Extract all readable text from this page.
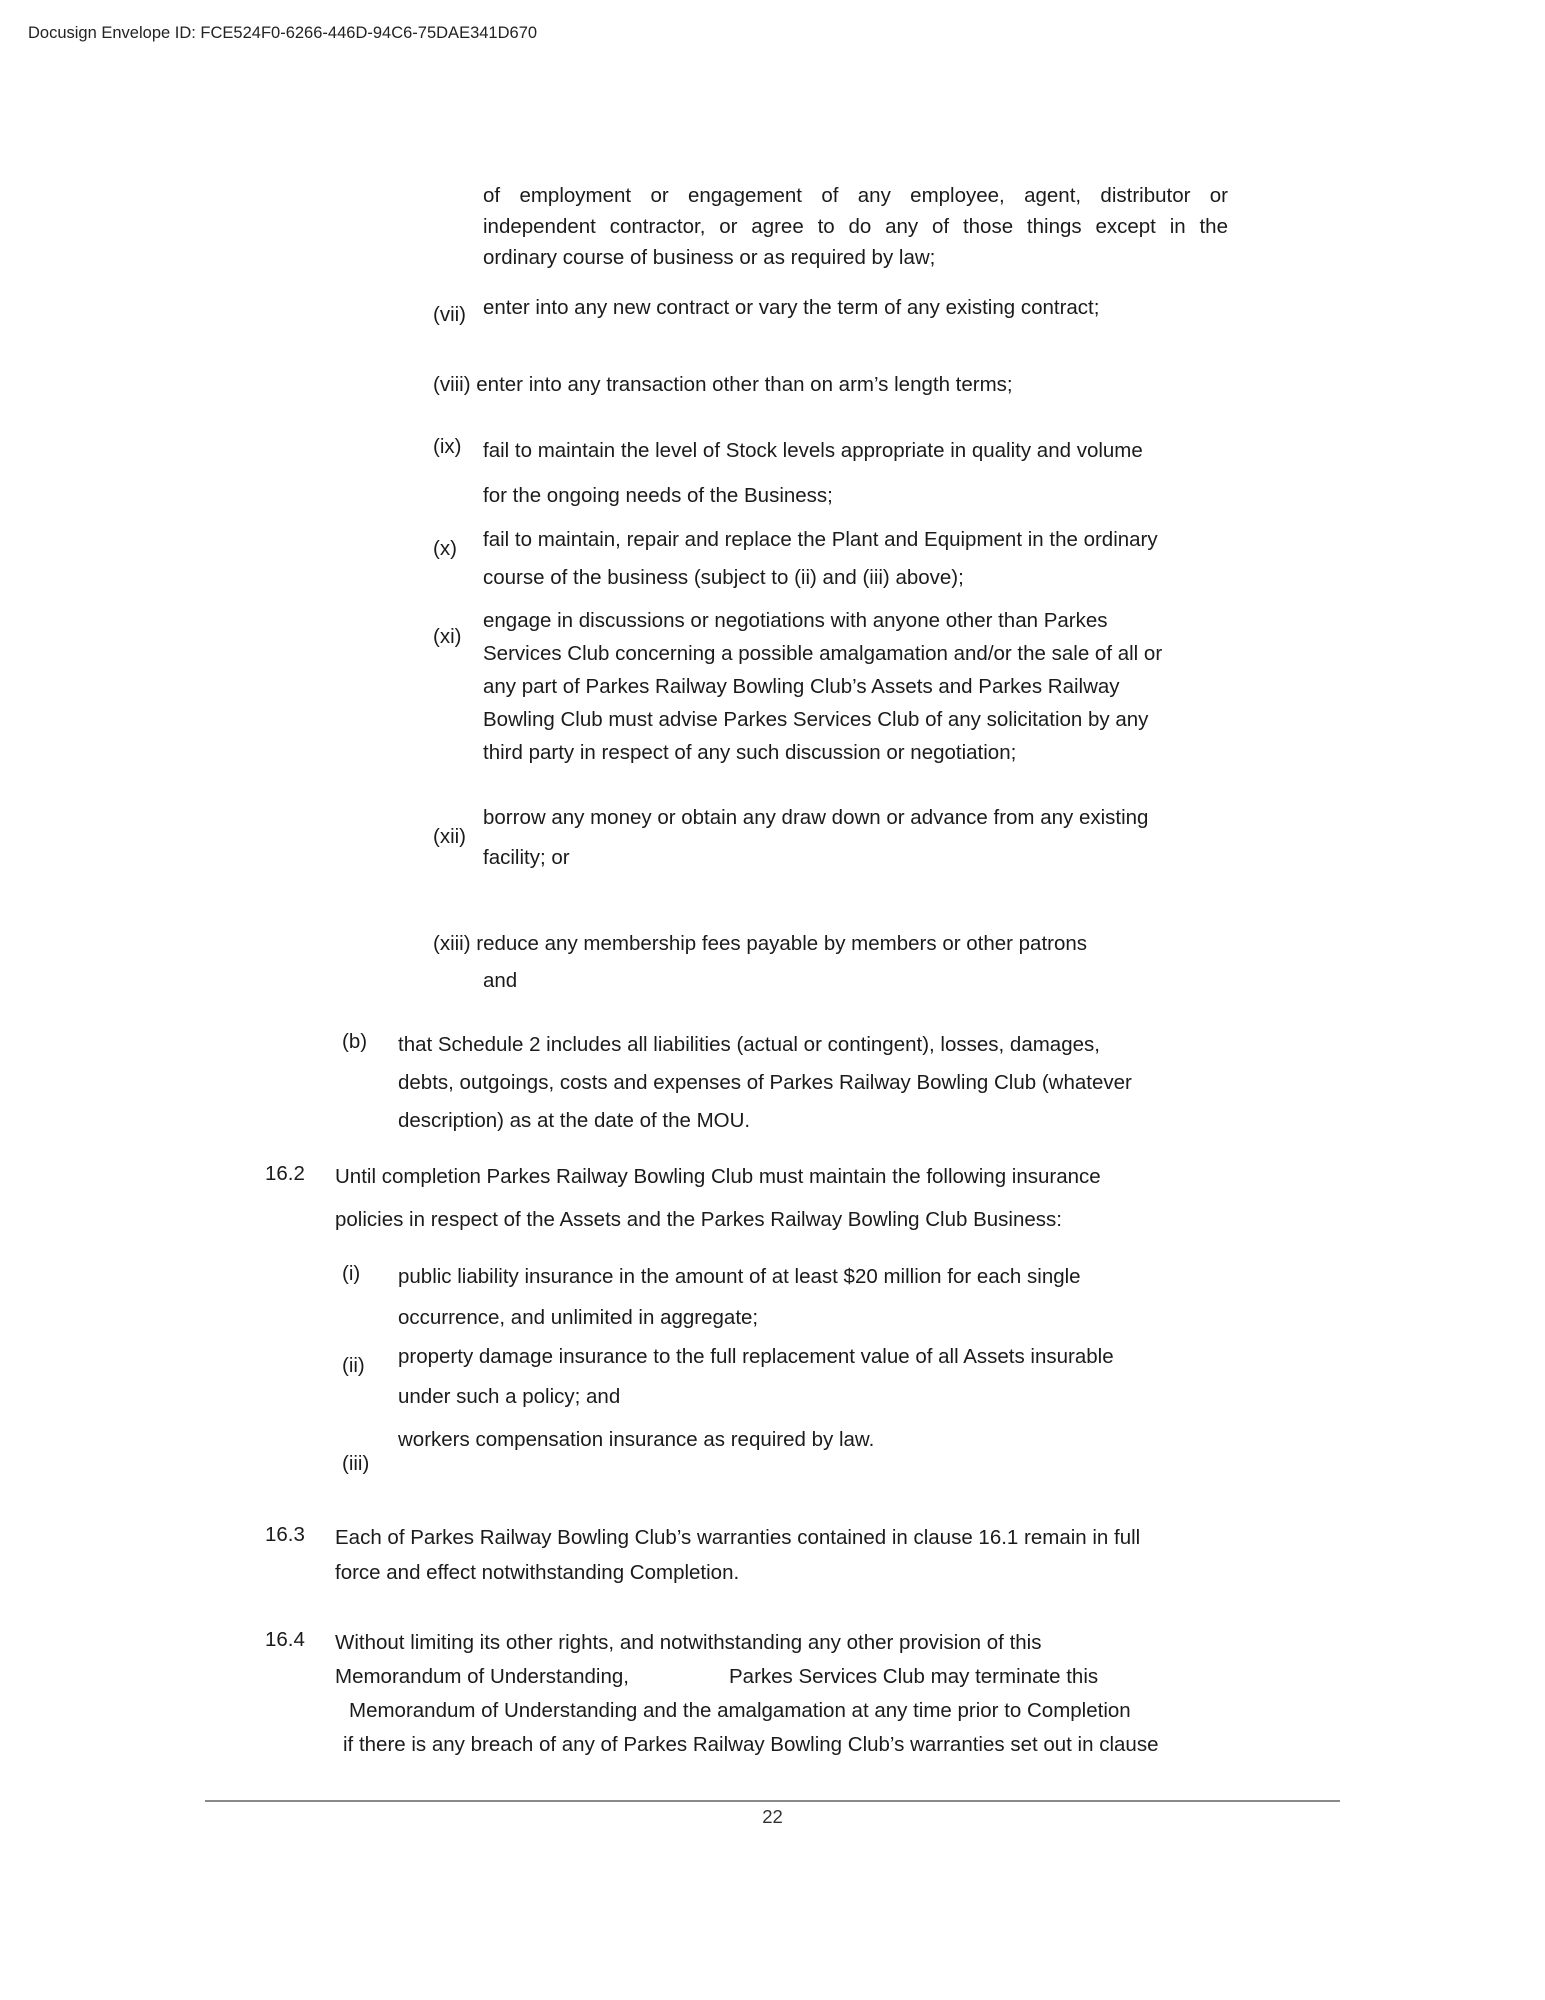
Docusign Envelope ID: FCE524F0-6266-446D-94C6-75DAE341D670
of employment or engagement of any employee, agent, distributor or
independent contractor, or agree to do any of those things except in the
ordinary course of business or as required by law;
(vii) enter into any new contract or vary the term of any existing contract;
(viii) enter into any transaction other than on arm’s length terms;
(ix)	fail to maintain the level of Stock levels appropriate in quality and volume
for the ongoing needs of the Business;
(x)	fail to maintain, repair and replace the Plant and Equipment in the ordinary
course of the business (subject to (ii) and (iii) above);
(xi)
engage in discussions or negotiations with anyone other than Parkes
Services Club concerning a possible amalgamation and/or the sale of all or
any part of Parkes Railway Bowling Club’s Assets and Parkes Railway
Bowling Club must advise Parkes Services Club of any solicitation by any
third party in respect of any such discussion or negotiation;
(xii)
borrow any money or obtain any draw down or advance from any existing
facility; or
(xiii) reduce any membership fees payable by members or other patrons
and
(b)	that Schedule 2 includes all liabilities (actual or contingent), losses, damages,
debts, outgoings, costs and expenses of Parkes Railway Bowling Club (whatever
description) as at the date of the MOU.
16.2	Until completion Parkes Railway Bowling Club must maintain the following insurance
policies in respect of the Assets and the Parkes Railway Bowling Club Business:
(i)	public liability insurance in the amount of at least $20 million for each single
occurrence, and unlimited in aggregate;
(ii)	property damage insurance to the full replacement value of all Assets insurable
under such a policy; and
workers compensation insurance as required by law.
(iii)
16.3	Each of Parkes Railway Bowling Club’s warranties contained in clause 16.1 remain in full
force and effect notwithstanding Completion.
16.4	Without limiting its other rights, and notwithstanding any other provision of this
Memorandum of Understanding,	Parkes Services Club may terminate this
Memorandum of Understanding and the amalgamation at any time prior to Completion
if there is any breach of any of Parkes Railway Bowling Club’s warranties set out in clause
22
